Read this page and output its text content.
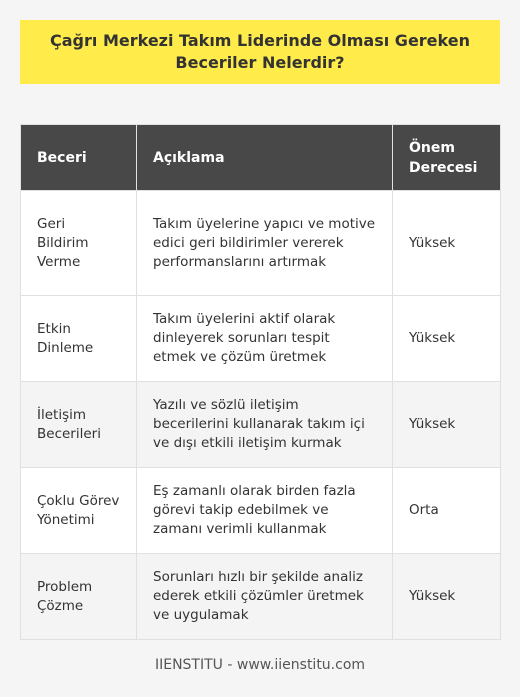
Çağrı Merkezi Takım Liderinde Olması Gereken Beceriler Nelerdir?
Beceri	Açıklama	Önem Derecesi
Geri Bildirim Verme	Takım üyelerine yapıcı ve motive edici geri bildirimler vererek performanslarını artırmak	Yüksek
Etkin Dinleme	Takım üyelerini aktif olarak dinleyerek sorunları tespit etmek ve çözüm üretmek	Yüksek
İletişim Becerileri	Yazılı ve sözlü iletişim becerilerini kullanarak takım içi ve dışı etkili iletişim kurmak	Yüksek
Çoklu Görev Yönetimi	Eş zamanlı olarak birden fazla görevi takip edebilmek ve zamanı verimli kullanmak	Orta
Problem Çözme	Sorunları hızlı bir şekilde analiz ederek etkili çözümler üretmek ve uygulamak	Yüksek
IIENSTITU - www.iienstitu.com
